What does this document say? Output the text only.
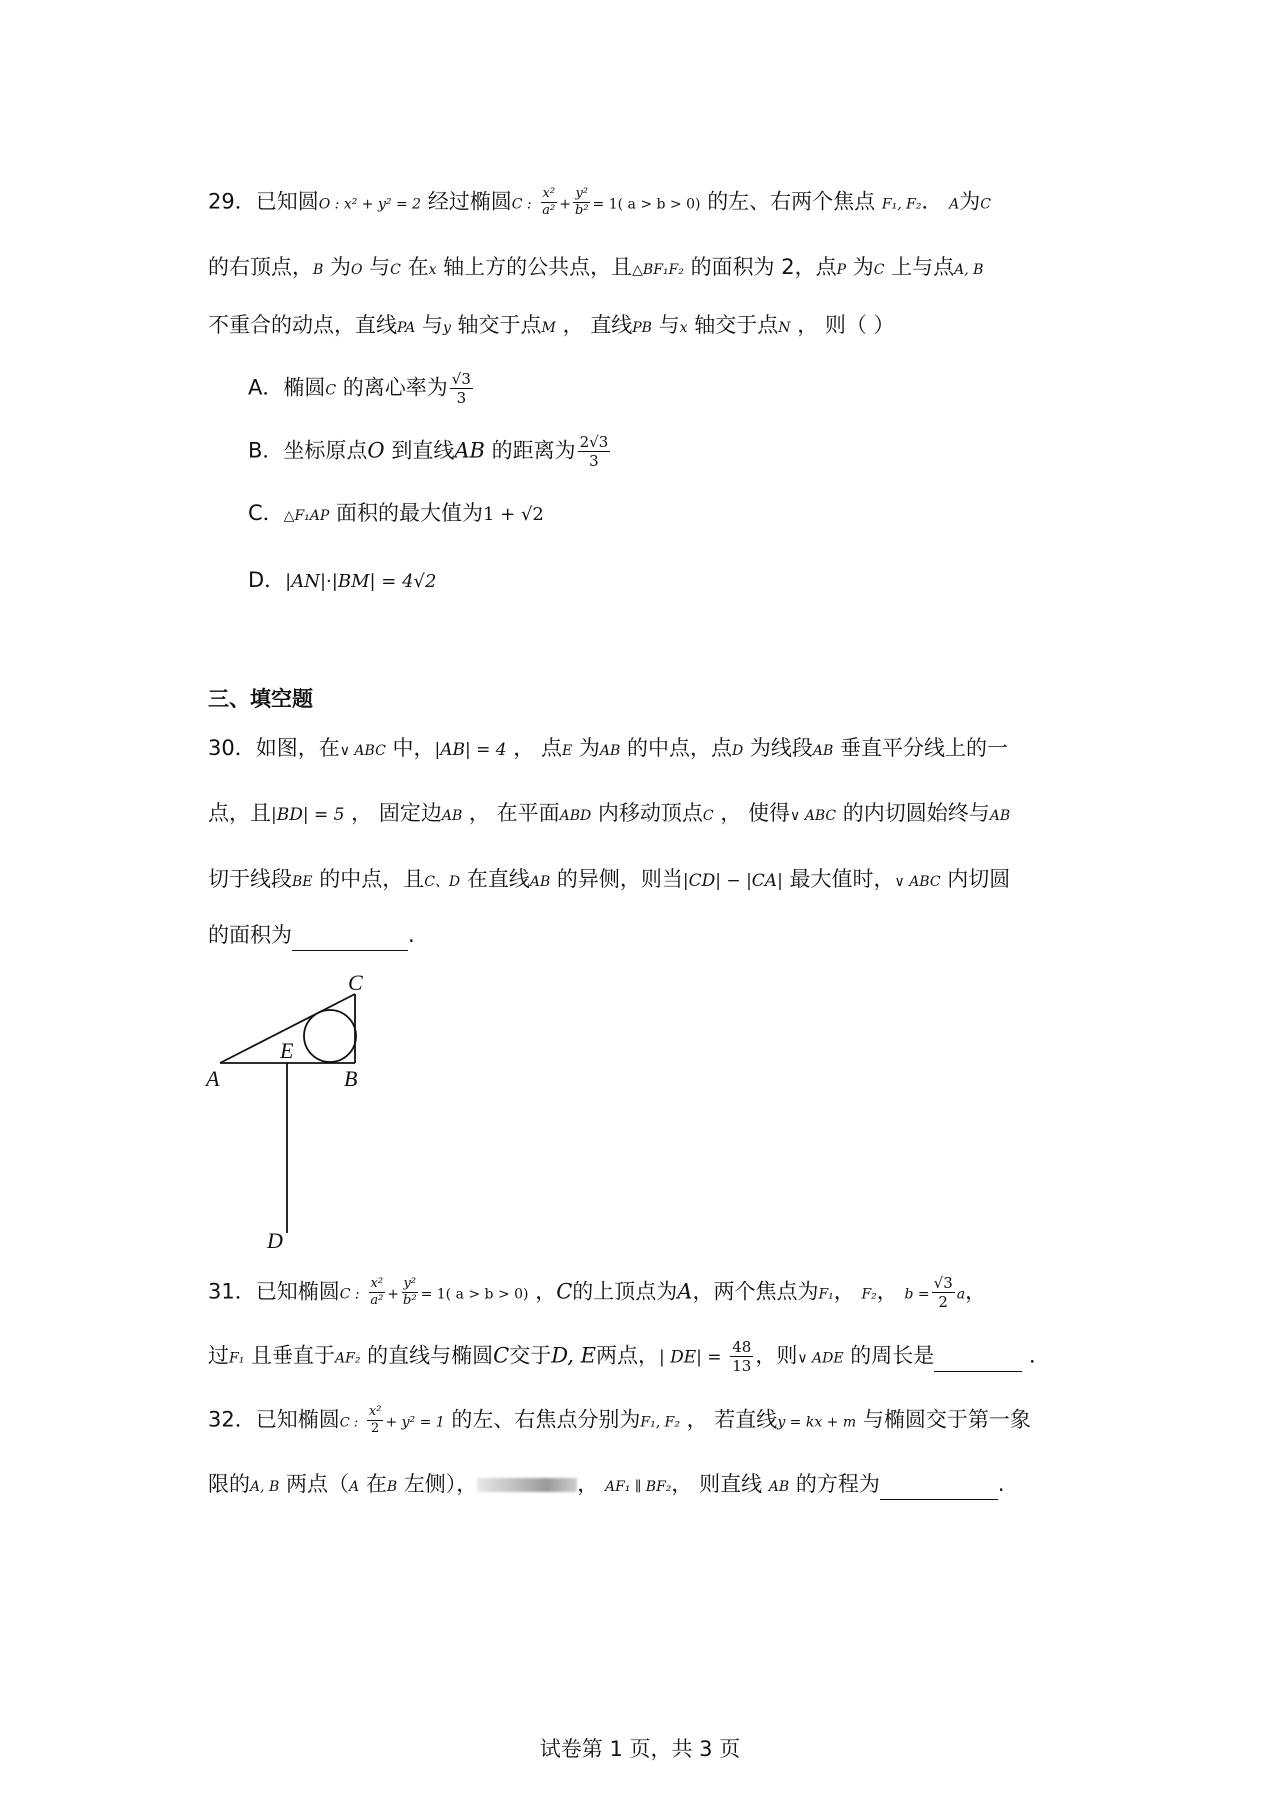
29．已知圆O : x² + y² = 2 经过椭圆C : $\frac{\text{x²}}{\text{a²}} + \frac{\text{y²}}{\text{b²}} = 1$( a > b > 0) 的左、右两个焦点 F₁, F₂． A为C
的右顶点，B 为O 与C 在x 轴上方的公共点，且△BF₁F₂ 的面积为 2，点P 为C 上与点A, B
不重合的动点，直线PA 与y 轴交于点M ， 直线PB 与x 轴交于点N ， 则（ ）
A．椭圆C 的离心率为 $\frac{√3}{3}$
B．坐标原点O 到直线AB 的距离为 $\frac{2√3}{3}$
C．△F₁AP 面积的最大值为1 + √2
D．|AN|·|BM| = 4√2
三、填空题
30．如图，在∨ ABC 中，|AB| = 4 ， 点E 为AB 的中点，点D 为线段AB 垂直平分线上的一
点，且|BD| = 5 ， 固定边AB ， 在平面ABD 内移动顶点C ， 使得∨ ABC 的内切圆始终与AB
切于线段BE 的中点，且C、D 在直线AB 的异侧，则当|CD| − |CA| 最大值时，∨ ABC 内切圆
的面积为	.
A	B
C
D
E
31．已知椭圆C : $\frac{\text{x²}}{\text{a²}} + \frac{\text{y²}}{\text{b²}} = 1$( a > b > 0) ，C的上顶点为A，两个焦点为F₁， F₂， $b = \frac{√3}{2}$ a，
过F₁ 且垂直于AF₂ 的直线与椭圆C交于D, E两点，| $DE| = \frac{48}{13}$ ，则∨ ADE 的周长是	．
32．已知椭圆C : $\frac{\text{x²}}{2} + y^2 = 1$ 的左、右焦点分别为F₁, F₂ ， 若直线y = kx + m 与椭圆交于第一象
限的A, B 两点（A 在B 左侧），	， AF₁ ∥ BF₂， 则直线 AB 的方程为	.
试卷第 1 页，共 3 页
